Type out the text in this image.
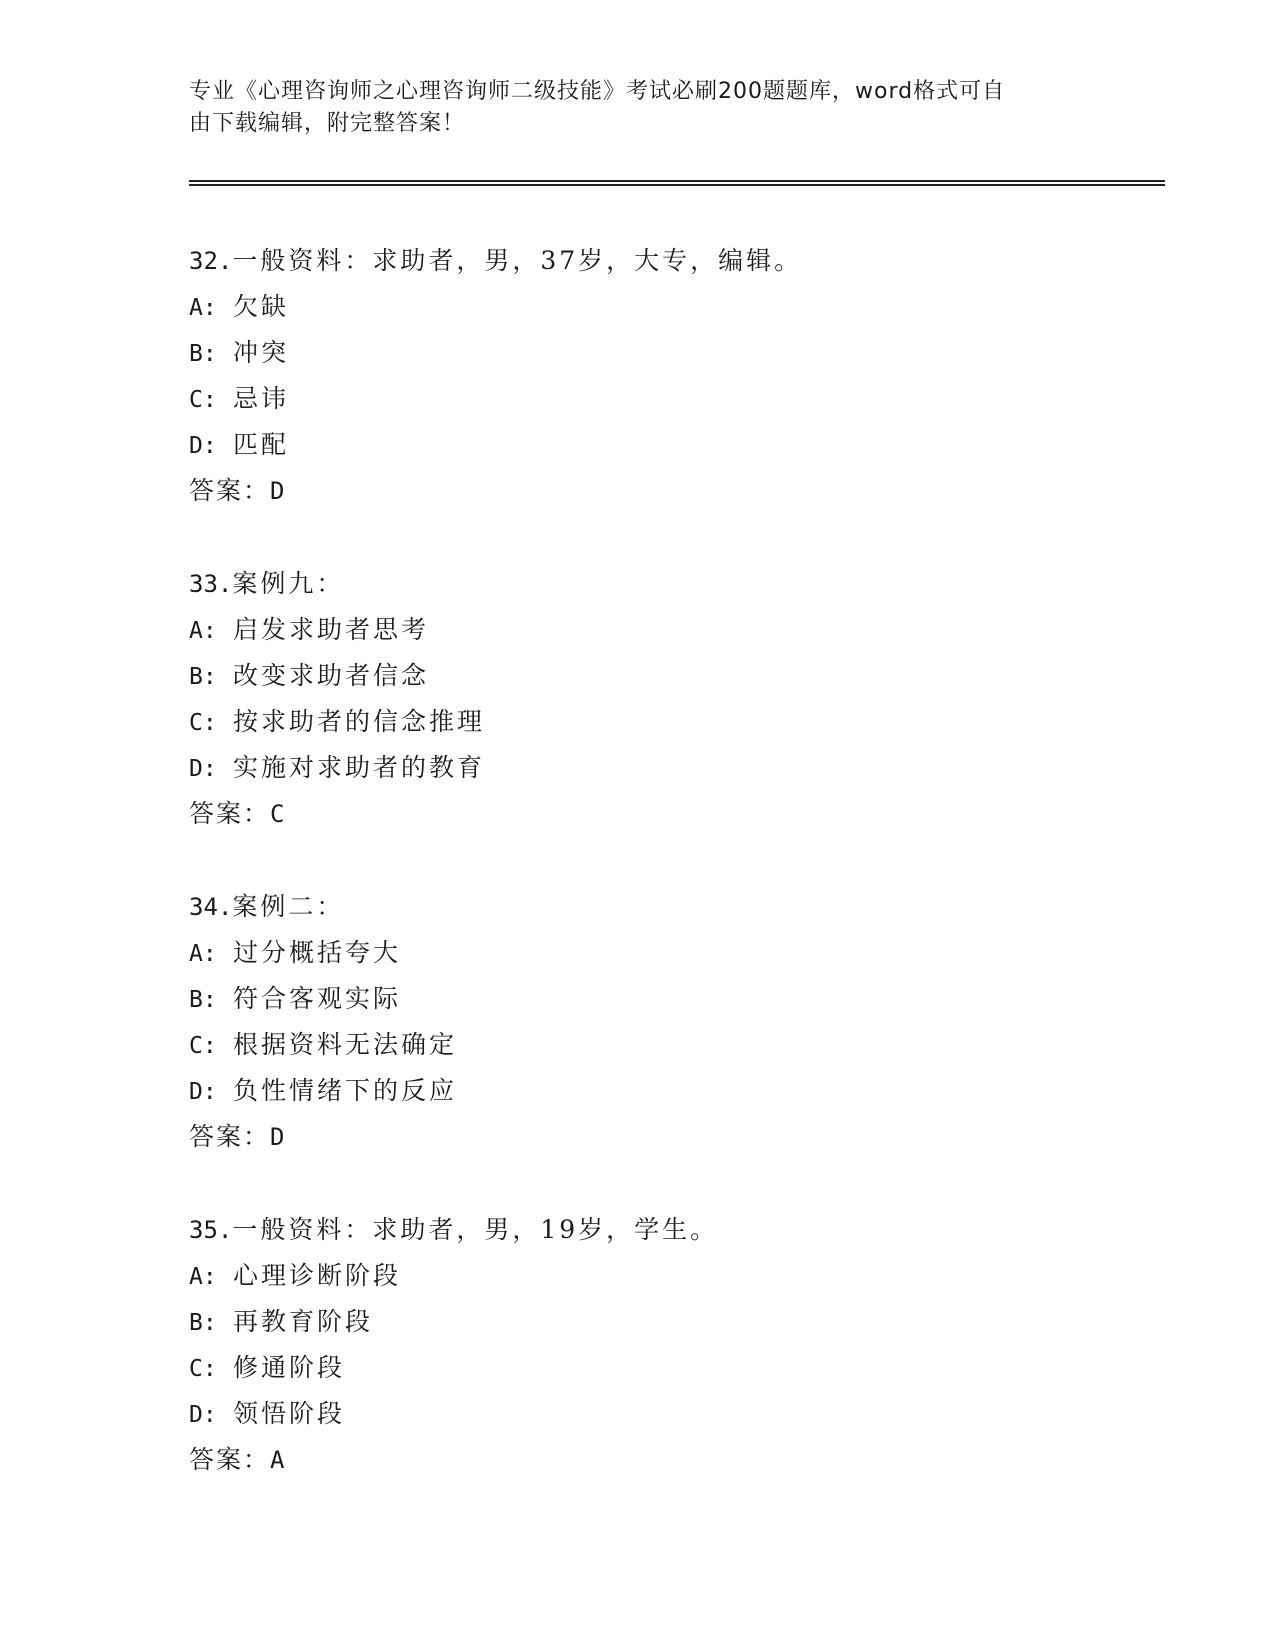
专业《心理咨询师之心理咨询师二级技能》考试必刷200题题库，word格式可自
由下载编辑，附完整答案！
32.一般资料：求助者，男，37岁，大专，编辑。
A: 欠缺
B: 冲突
C: 忌讳
D: 匹配
答案：D
33.案例九：
A: 启发求助者思考
B: 改变求助者信念
C: 按求助者的信念推理
D: 实施对求助者的教育
答案：C
34.案例二：
A: 过分概括夸大
B: 符合客观实际
C: 根据资料无法确定
D: 负性情绪下的反应
答案：D
35.一般资料：求助者，男，19岁，学生。
A: 心理诊断阶段
B: 再教育阶段
C: 修通阶段
D: 领悟阶段
答案：A
